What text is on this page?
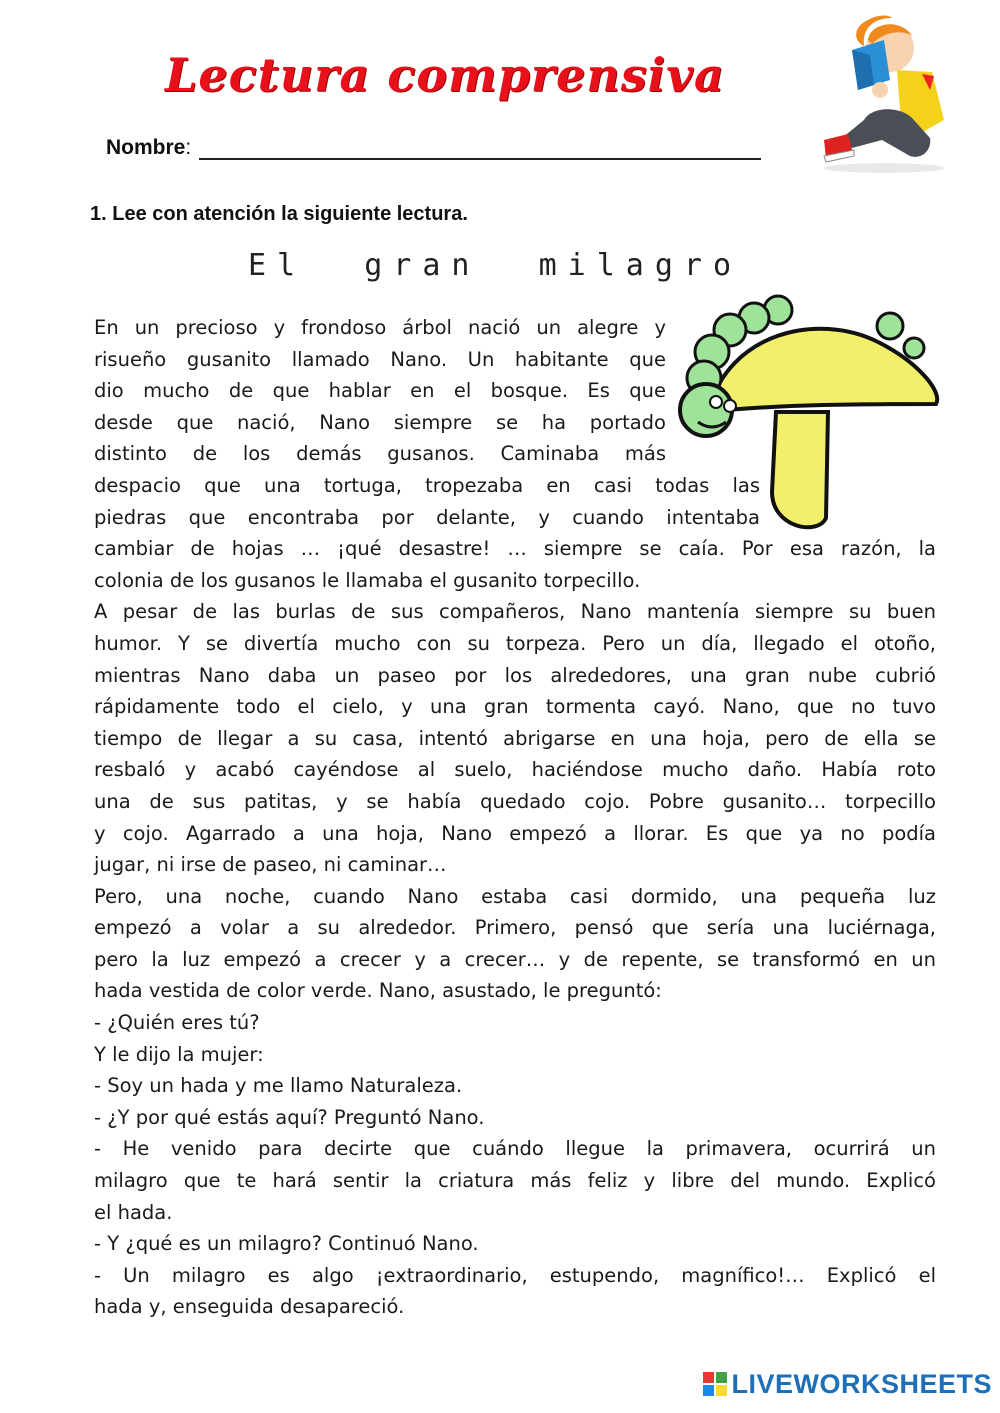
Lectura comprensiva
Nombre :
1. Lee con atención la siguiente lectura.
El  gran  milagro

En un precioso y frondoso árbol nació un alegre y
risueño gusanito llamado Nano. Un habitante que
dio mucho de que hablar en el bosque. Es que
desde que nació, Nano siempre se ha portado
distinto de los demás gusanos. Caminaba más
despacio que una tortuga, tropezaba en casi todas las
piedras que encontraba por delante, y cuando intentaba
cambiar de hojas … ¡qué desastre! … siempre se caía. Por esa razón, la
colonia de los gusanos le llamaba el gusanito torpecillo.

A pesar de las burlas de sus compañeros, Nano mantenía siempre su buen
humor. Y se divertía mucho con su torpeza. Pero un día, llegado el otoño,
mientras Nano daba un paseo por los alrededores, una gran nube cubrió
rápidamente todo el cielo, y una gran tormenta cayó. Nano, que no tuvo
tiempo de llegar a su casa, intentó abrigarse en una hoja, pero de ella se
resbaló y acabó cayéndose al suelo, haciéndose mucho daño. Había roto
una de sus patitas, y se había quedado cojo. Pobre gusanito… torpecillo
y cojo. Agarrado a una hoja, Nano empezó a llorar. Es que ya no podía
jugar, ni irse de paseo, ni caminar…

Pero, una noche, cuando Nano estaba casi dormido, una pequeña luz
empezó a volar a su alrededor. Primero, pensó que sería una luciérnaga,
pero la luz empezó a crecer y a crecer… y de repente, se transformó en un
hada vestida de color verde. Nano, asustado, le preguntó:

- ¿Quién eres tú?

Y le dijo la mujer:

- Soy un hada y me llamo Naturaleza.

- ¿Y por qué estás aquí? Preguntó Nano.

- He venido para decirte que cuándo llegue la primavera, ocurrirá un
milagro que te hará sentir la criatura más feliz y libre del mundo. Explicó
el hada.

- Y ¿qué es un milagro? Continuó Nano.

- Un milagro es algo ¡extraordinario, estupendo, magnífico!… Explicó el
hada y, enseguida desapareció.

LIVEWORKSHEETS
